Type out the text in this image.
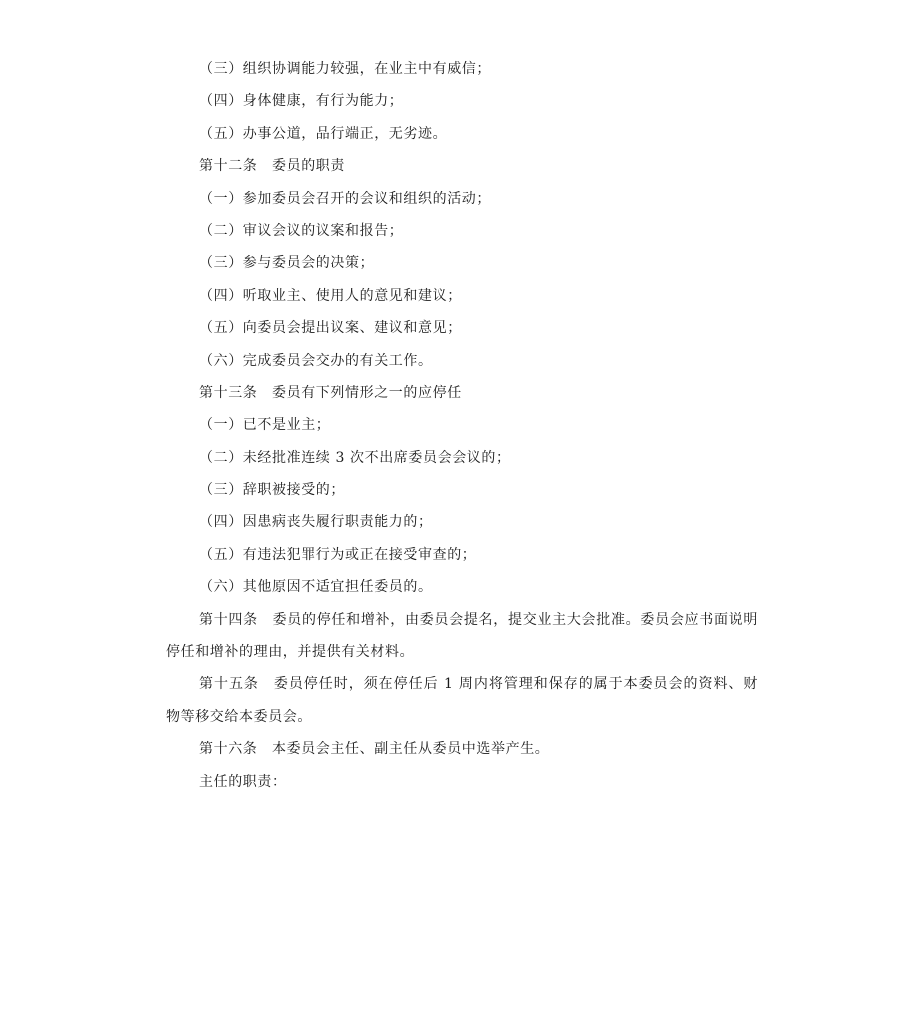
（三）组织协调能力较强，在业主中有威信；
（四）身体健康，有行为能力；
（五）办事公道，品行端正，无劣迹。
第十二条　委员的职责
（一）参加委员会召开的会议和组织的活动；
（二）审议会议的议案和报告；
（三）参与委员会的决策；
（四）听取业主、使用人的意见和建议；
（五）向委员会提出议案、建议和意见；
（六）完成委员会交办的有关工作。
第十三条　委员有下列情形之一的应停任
（一）已不是业主；
（二）未经批准连续 3 次不出席委员会会议的；
（三）辞职被接受的；
（四）因患病丧失履行职责能力的；
（五）有违法犯罪行为或正在接受审查的；
（六）其他原因不适宜担任委员的。
第十四条　委员的停任和增补，由委员会提名，提交业主大会批准。委员会应书面说明停任和增补的理由，并提供有关材料。
第十五条　委员停任时，须在停任后 1 周内将管理和保存的属于本委员会的资料、财物等移交给本委员会。
第十六条　本委员会主任、副主任从委员中选举产生。
主任的职责：
